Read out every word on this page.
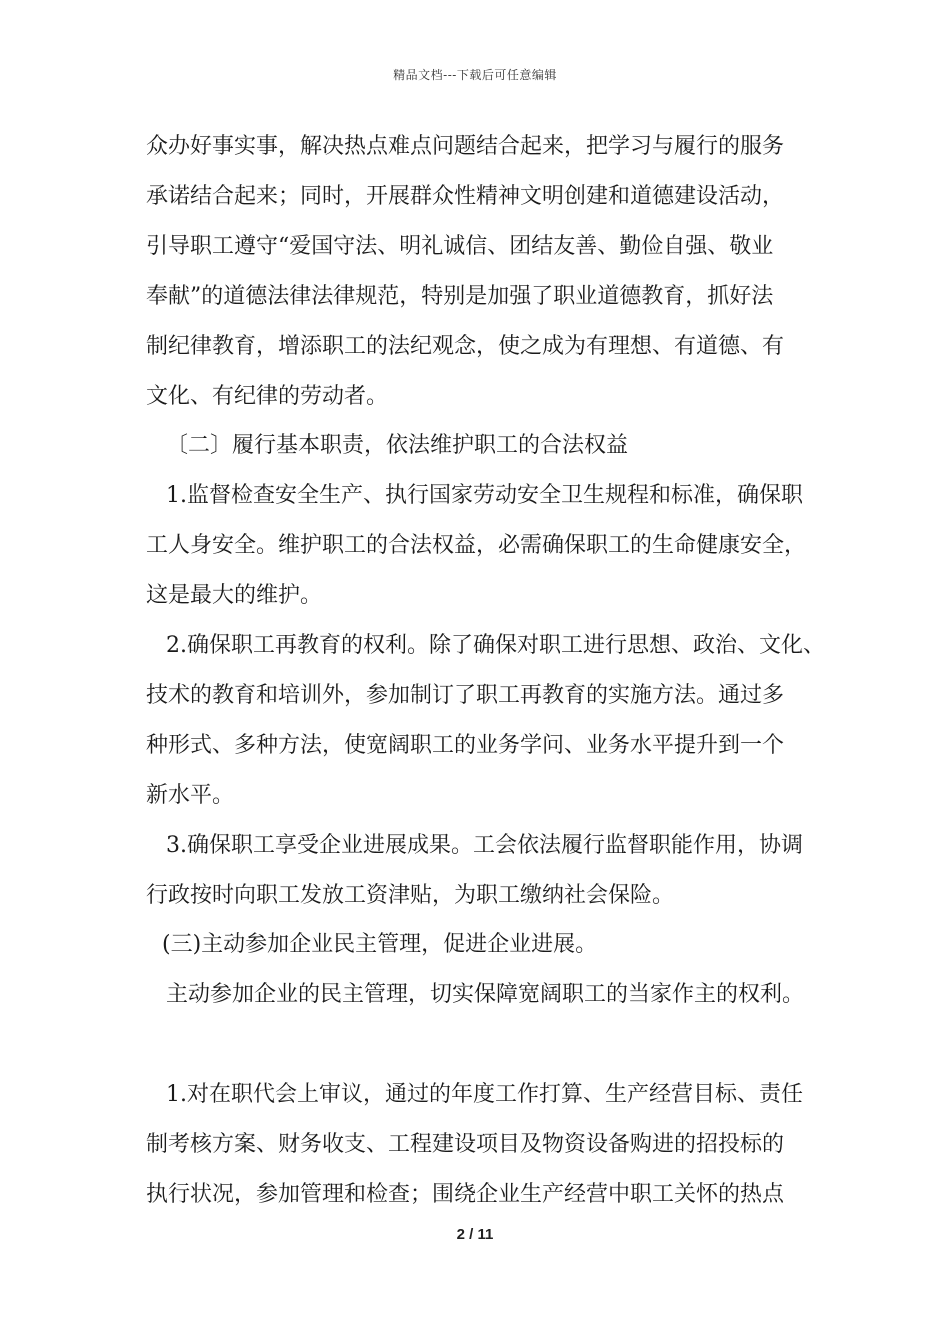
精品文档---下载后可任意编辑

众办好事实事，解决热点难点问题结合起来，把学习与履行的服务

承诺结合起来；同时，开展群众性精神文明创建和道德建设活动，

引导职工遵守“爱国守法、明礼诚信、团结友善、勤俭自强、敬业

奉献”的道德法律法律规范，特别是加强了职业道德教育，抓好法

制纪律教育，增添职工的法纪观念，使之成为有理想、有道德、有

文化、有纪律的劳动者。

〔二〕履行基本职责，依法维护职工的合法权益

1.监督检查安全生产、执行国家劳动安全卫生规程和标准，确保职

工人身安全。维护职工的合法权益，必需确保职工的生命健康安全，

这是最大的维护。

2.确保职工再教育的权利。除了确保对职工进行思想、政治、文化、

技术的教育和培训外，参加制订了职工再教育的实施方法。通过多

种形式、多种方法，使宽阔职工的业务学问、业务水平提升到一个

新水平。

3.确保职工享受企业进展成果。工会依法履行监督职能作用，协调

行政按时向职工发放工资津贴，为职工缴纳社会保险。

(三)主动参加企业民主管理，促进企业进展。

主动参加企业的民主管理，切实保障宽阔职工的当家作主的权利。

1.对在职代会上审议，通过的年度工作打算、生产经营目标、责任

制考核方案、财务收支、工程建设项目及物资设备购进的招投标的

执行状况，参加管理和检查；围绕企业生产经营中职工关怀的热点

2 / 11
